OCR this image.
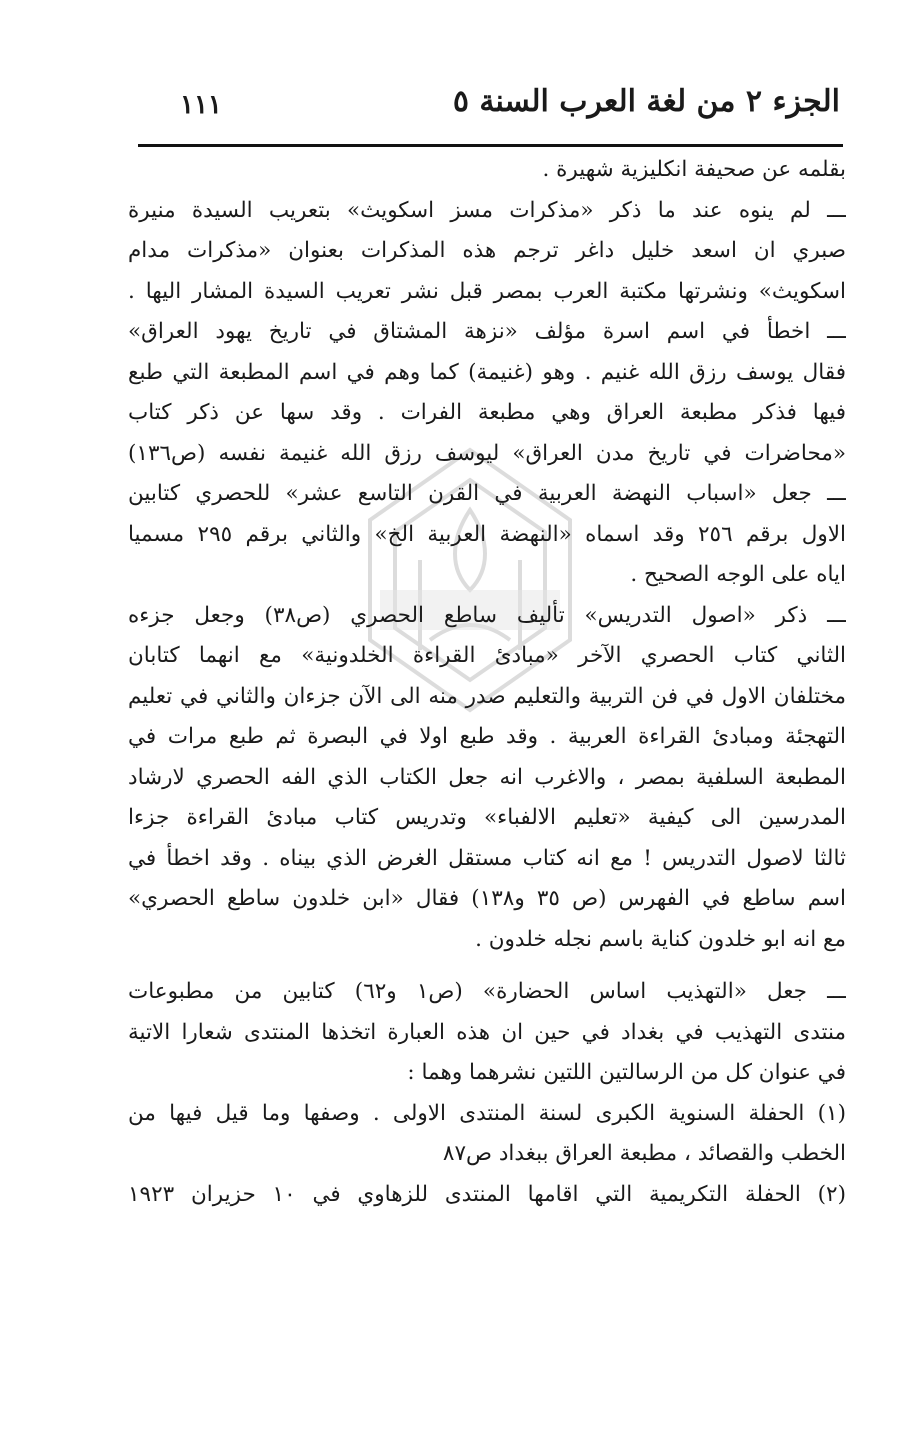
الجزء ٢ من لغة العرب السنة ٥
١١١
بقلمه عن صحيفة انكليزية شهيرة .
ـــ لم ينوه عند ما ذكر «مذكرات مسز اسكويث» بتعريب السيدة منيرة
صبري ان اسعد خليل داغر ترجم هذه المذكرات بعنوان «مذكرات مدام
اسكويث» ونشرتها مكتبة العرب بمصر قبل نشر تعريب السيدة المشار اليها .
ـــ اخطأ في اسم اسرة مؤلف «نزهة المشتاق في تاريخ يهود العراق»
فقال يوسف رزق الله غنيم . وهو (غنيمة) كما وهم في اسم المطبعة التي طبع
فيها فذكر مطبعة العراق وهي مطبعة الفرات . وقد سها عن ذكر كتاب
«محاضرات في تاريخ مدن العراق» ليوسف رزق الله غنيمة نفسه (ص١٣٦)
ـــ جعل «اسباب النهضة العربية في القرن التاسع عشر» للحصري كتابين
الاول برقم ٢٥٦ وقد اسماه «النهضة العربية الخ» والثاني برقم ٢٩٥ مسميا
اياه على الوجه الصحيح .
ـــ ذكر «اصول التدريس» تأليف ساطع الحصري (ص٣٨) وجعل جزءه
الثاني كتاب الحصري الآخر «مبادئ القراءة الخلدونية» مع انهما كتابان
مختلفان الاول في فن التربية والتعليم صدر منه الى الآن جزءان والثاني في تعليم
التهجئة ومبادئ القراءة العربية . وقد طبع اولا في البصرة ثم طبع مرات في
المطبعة السلفية بمصر ، والاغرب انه جعل الكتاب الذي الفه الحصري لارشاد
المدرسين الى كيفية «تعليم الالفباء» وتدريس كتاب مبادئ القراءة جزءا
ثالثا لاصول التدريس ! مع انه كتاب مستقل الغرض الذي بيناه . وقد اخطأ في
اسم ساطع في الفهرس (ص ٣٥ و١٣٨) فقال «ابن خلدون ساطع الحصري»
مع انه ابو خلدون كناية باسم نجله خلدون .
ـــ جعل «التهذيب اساس الحضارة» (ص١ و٦٢) كتابين من مطبوعات
منتدى التهذيب في بغداد في حين ان هذه العبارة اتخذها المنتدى شعارا الاتية
في عنوان كل من الرسالتين اللتين نشرهما وهما :
(١) الحفلة السنوية الكبرى لسنة المنتدى الاولى . وصفها وما قيل فيها من
الخطب والقصائد ، مطبعة العراق ببغداد ص٨٧
(٢) الحفلة التكريمية التي اقامها المنتدى للزهاوي في ١٠ حزيران ١٩٢٣
